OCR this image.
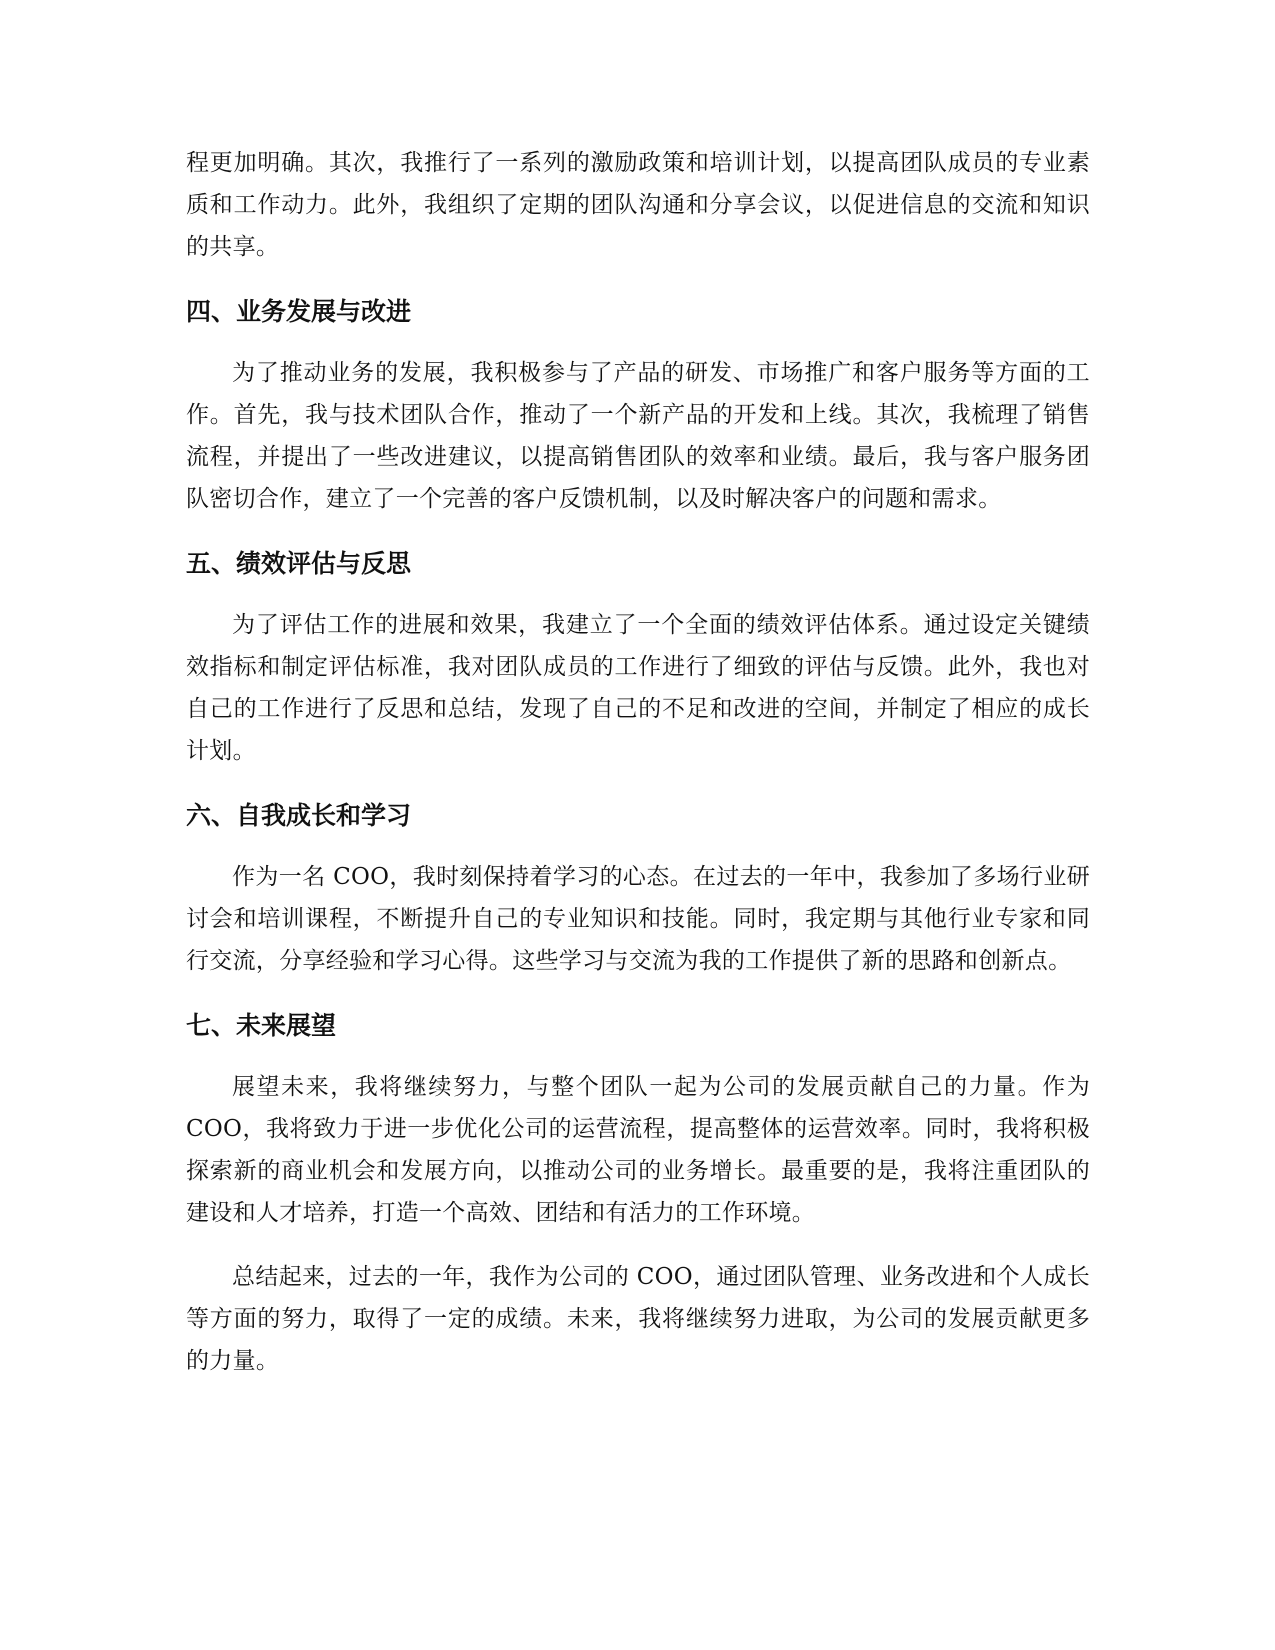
程更加明确。其次，我推行了一系列的激励政策和培训计划，以提高团队成员的专业素质和工作动力。此外，我组织了定期的团队沟通和分享会议，以促进信息的交流和知识的共享。

四、业务发展与改进

为了推动业务的发展，我积极参与了产品的研发、市场推广和客户服务等方面的工作。首先，我与技术团队合作，推动了一个新产品的开发和上线。其次，我梳理了销售流程，并提出了一些改进建议，以提高销售团队的效率和业绩。最后，我与客户服务团队密切合作，建立了一个完善的客户反馈机制，以及时解决客户的问题和需求。

五、绩效评估与反思

为了评估工作的进展和效果，我建立了一个全面的绩效评估体系。通过设定关键绩效指标和制定评估标准，我对团队成员的工作进行了细致的评估与反馈。此外，我也对自己的工作进行了反思和总结，发现了自己的不足和改进的空间，并制定了相应的成长计划。

六、自我成长和学习

作为一名 COO，我时刻保持着学习的心态。在过去的一年中，我参加了多场行业研讨会和培训课程，不断提升自己的专业知识和技能。同时，我定期与其他行业专家和同行交流，分享经验和学习心得。这些学习与交流为我的工作提供了新的思路和创新点。

七、未来展望

展望未来，我将继续努力，与整个团队一起为公司的发展贡献自己的力量。作为 COO，我将致力于进一步优化公司的运营流程，提高整体的运营效率。同时，我将积极探索新的商业机会和发展方向，以推动公司的业务增长。最重要的是，我将注重团队的建设和人才培养，打造一个高效、团结和有活力的工作环境。

总结起来，过去的一年，我作为公司的 COO，通过团队管理、业务改进和个人成长等方面的努力，取得了一定的成绩。未来，我将继续努力进取，为公司的发展贡献更多的力量。
